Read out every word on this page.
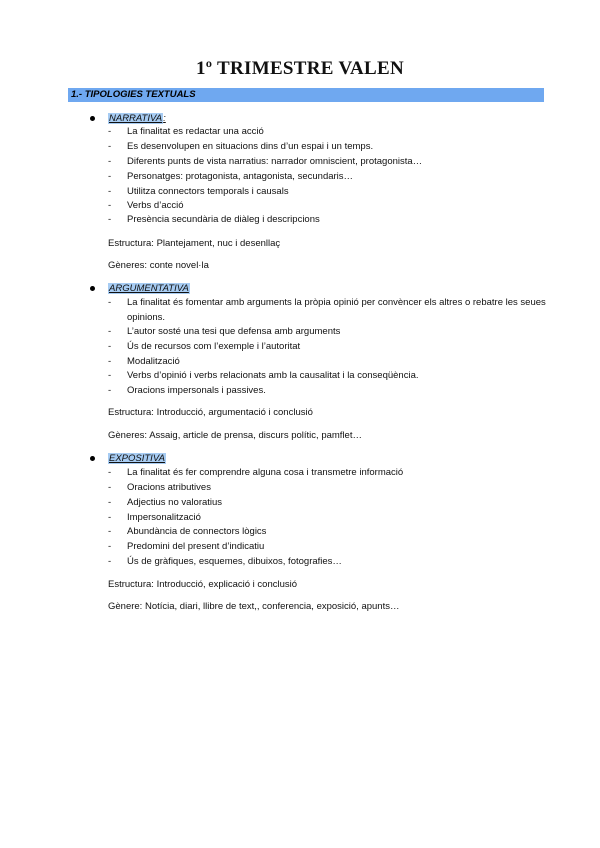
1º TRIMESTRE VALEN
1.- TIPOLOGIES TEXTUALS
NARRATIVA:
- La finalitat es redactar una acció
- Es desenvolupen en situacions dins d’un espai i un temps.
- Diferents punts de vista narratius: narrador omniscient, protagonista…
- Personatges: protagonista, antagonista, secundaris…
- Utilitza connectors temporals i causals
- Verbs d’acció
- Presència secundària de diàleg i descripcions
Estructura: Plantejament, nuc i desenllaç
Gèneres: conte novel·la
ARGUMENTATIVA
- La finalitat és fomentar amb arguments la pròpia opinió per convèncer els altres o rebatre les seues opinions.
- L’autor sosté una tesi que defensa amb arguments
- Ús de recursos com l’exemple i l’autoritat
- Modalització
- Verbs d’opinió i verbs relacionats amb la causalitat i la conseqüència.
- Oracions impersonals i passives.
Estructura: Introducció, argumentació i conclusió
Gèneres: Assaig, article de prensa, discurs polític, pamflet…
EXPOSITIVA
- La finalitat és fer comprendre alguna cosa i transmetre informació
- Oracions atributives
- Adjectius no valoratius
- Impersonalització
- Abundància de connectors lògics
- Predomini del present d’indicatiu
- Ús de gràfiques, esquemes, dibuixos, fotografies…
Estructura: Introducció, explicació i conclusió
Gènere: Notícia, diari, llibre de text,, conferencia, exposició, apunts…
